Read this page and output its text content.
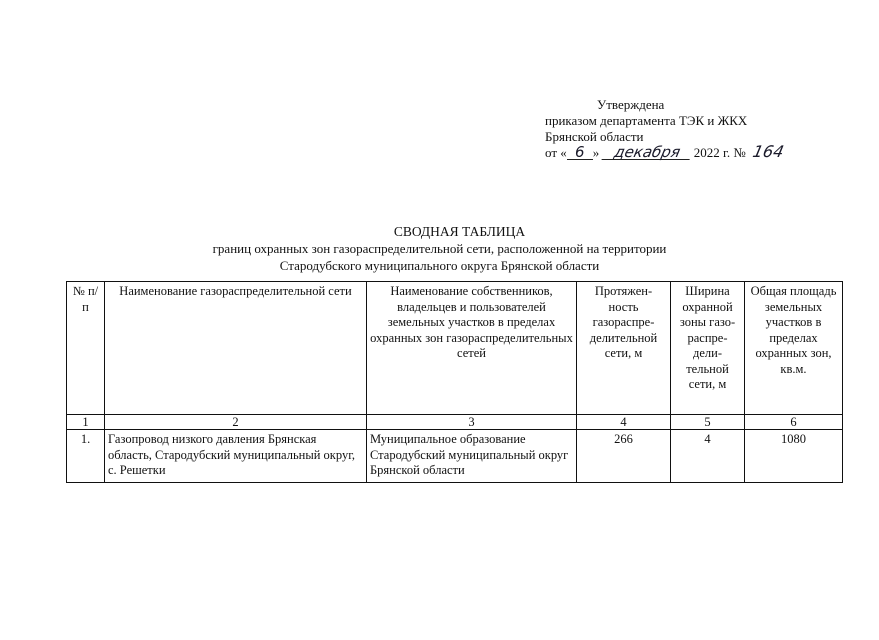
Утверждена
приказом департамента ТЭК и ЖКХ
Брянской области
от « 6 » декабря 2022 г. № 164
СВОДНАЯ ТАБЛИЦА
границ охранных зон газораспределительной сети, расположенной на территории
Стародубского муниципального округа Брянской области
№ п/п	Наименование газораспределительной сети	Наименование собственников, владельцев и пользователей земельных участков в пределах охранных зон газораспределительных сетей	Протяжен-ность газораспре-делительной сети, м	Ширина охранной зоны газо-распре-дели-тельной сети, м	Общая площадь земельных участков в пределах охранных зон, кв.м.
1	2	3	4	5	6
1.	Газопровод низкого давления Брянская область, Стародубский муниципальный округ, с. Решетки	Муниципальное образование Стародубский муниципальный округ Брянской области	266	4	1080
